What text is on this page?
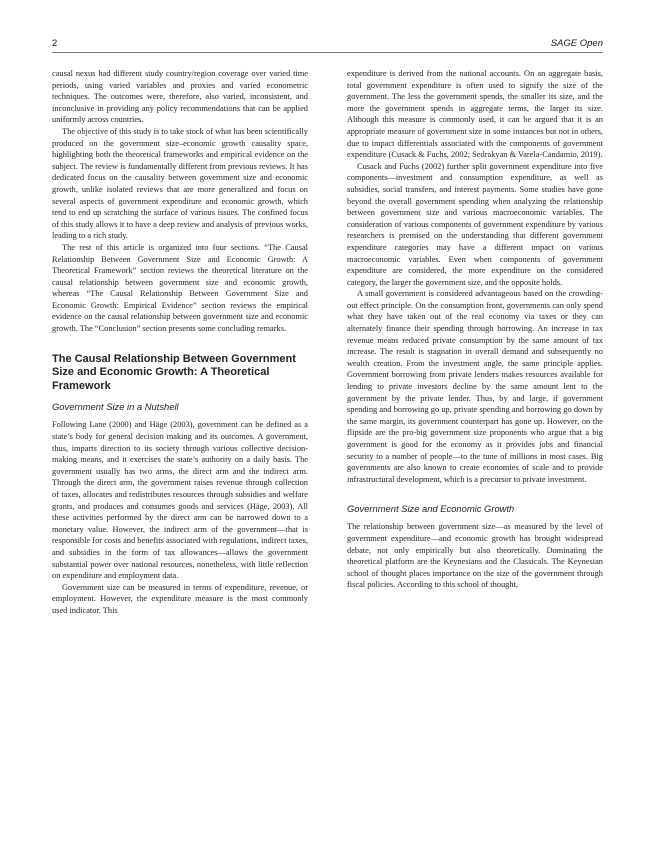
2	SAGE Open

causal nexus had different study country/region coverage over varied time periods, using varied variables and proxies and varied econometric techniques. The outcomes were, therefore, also varied, inconsistent, and inconclusive in providing any policy recommendations that can be applied uniformly across countries.

The objective of this study is to take stock of what has been scientifically produced on the government size–economic growth causality space, highlighting both the theoretical frameworks and empirical evidence on the subject. The review is fundamentally different from previous reviews. It has dedicated focus on the causality between government size and economic growth, unlike isolated reviews that are more generalized and focus on several aspects of government expenditure and economic growth, which tend to end up scratching the surface of various issues. The confined focus of this study allows it to have a deep review and analysis of previous works, leading to a rich study.

The rest of this article is organized into four sections. “The Causal Relationship Between Government Size and Economic Growth: A Theoretical Framework” section reviews the theoretical literature on the causal relationship between government size and economic growth, whereas “The Causal Relationship Between Government Size and Economic Growth: Empirical Evidence” section reviews the empirical evidence on the causal relationship between government size and economic growth. The “Conclusion” section presents some concluding remarks.

The Causal Relationship Between Government Size and Economic Growth: A Theoretical Framework
Government Size in a Nutshell

Following Lane (2000) and Häge (2003), government can be defined as a state’s body for general decision making and its outcomes. A government, thus, imparts direction to its society through various collective decision-making means, and it exercises the state’s authority on a daily basis. The government usually has two arms, the direct arm and the indirect arm. Through the direct arm, the government raises revenue through collection of taxes, allocates and redistributes resources through subsidies and welfare grants, and produces and consumes goods and services (Häge, 2003). All these activities performed by the direct arm can be narrowed down to a monetary value. However, the indirect arm of the government—that is responsible for costs and benefits associated with regulations, indirect taxes, and subsidies in the form of tax allowances—allows the government substantial power over national resources, nonetheless, with little reflection on expenditure and employment data.

Government size can be measured in terms of expenditure, revenue, or employment. However, the expenditure measure is the most commonly used indicator. This

expenditure is derived from the national accounts. On an aggregate basis, total government expenditure is often used to signify the size of the government. The less the government spends, the smaller its size, and the more the government spends in aggregate terms, the larger its size. Although this measure is commonly used, it can be argued that it is an appropriate measure of government size in some instances but not in others, due to impact differentials associated with the components of government expenditure (Cusack & Fuchs, 2002; Sedrakyan & Varela-Candamio, 2019).

Cusack and Fuchs (2002) further split government expenditure into five components—investment and consumption expenditure, as well as subsidies, social transfers, and interest payments. Some studies have gone beyond the overall government spending when analyzing the relationship between government size and various macroeconomic variables. The consideration of various components of government expenditure by various researchers is premised on the understanding that different government expenditure categories may have a different impact on various macroeconomic variables. Even when components of government expenditure are considered, the more expenditure on the considered category, the larger the government size, and the opposite holds.

A small government is considered advantageous based on the crowding-out effect principle. On the consumption front, governments can only spend what they have taken out of the real economy via taxes or they can alternately finance their spending through borrowing. An increase in tax revenue means reduced private consumption by the same amount of tax increase. The result is stagnation in overall demand and subsequently no wealth creation. From the investment angle, the same principle applies. Government borrowing from private lenders makes resources available for lending to private investors decline by the same amount lent to the government by the private lender. Thus, by and large, if government spending and borrowing go up, private spending and borrowing go down by the same margin, its government counterpart has gone up. However, on the flipside are the pro-big government size proponents who argue that a big government is good for the economy as it provides jobs and financial security to a number of people—to the tune of millions in most cases. Big governments are also known to create economies of scale and to provide infrastructural development, which is a precursor to private investment.

Government Size and Economic Growth

The relationship between government size—as measured by the level of government expenditure—and economic growth has brought widespread debate, not only empirically but also theoretically. Dominating the theoretical platform are the Keynesians and the Classicals. The Keynesian school of thought places importance on the size of the government through fiscal policies. According to this school of thought,
